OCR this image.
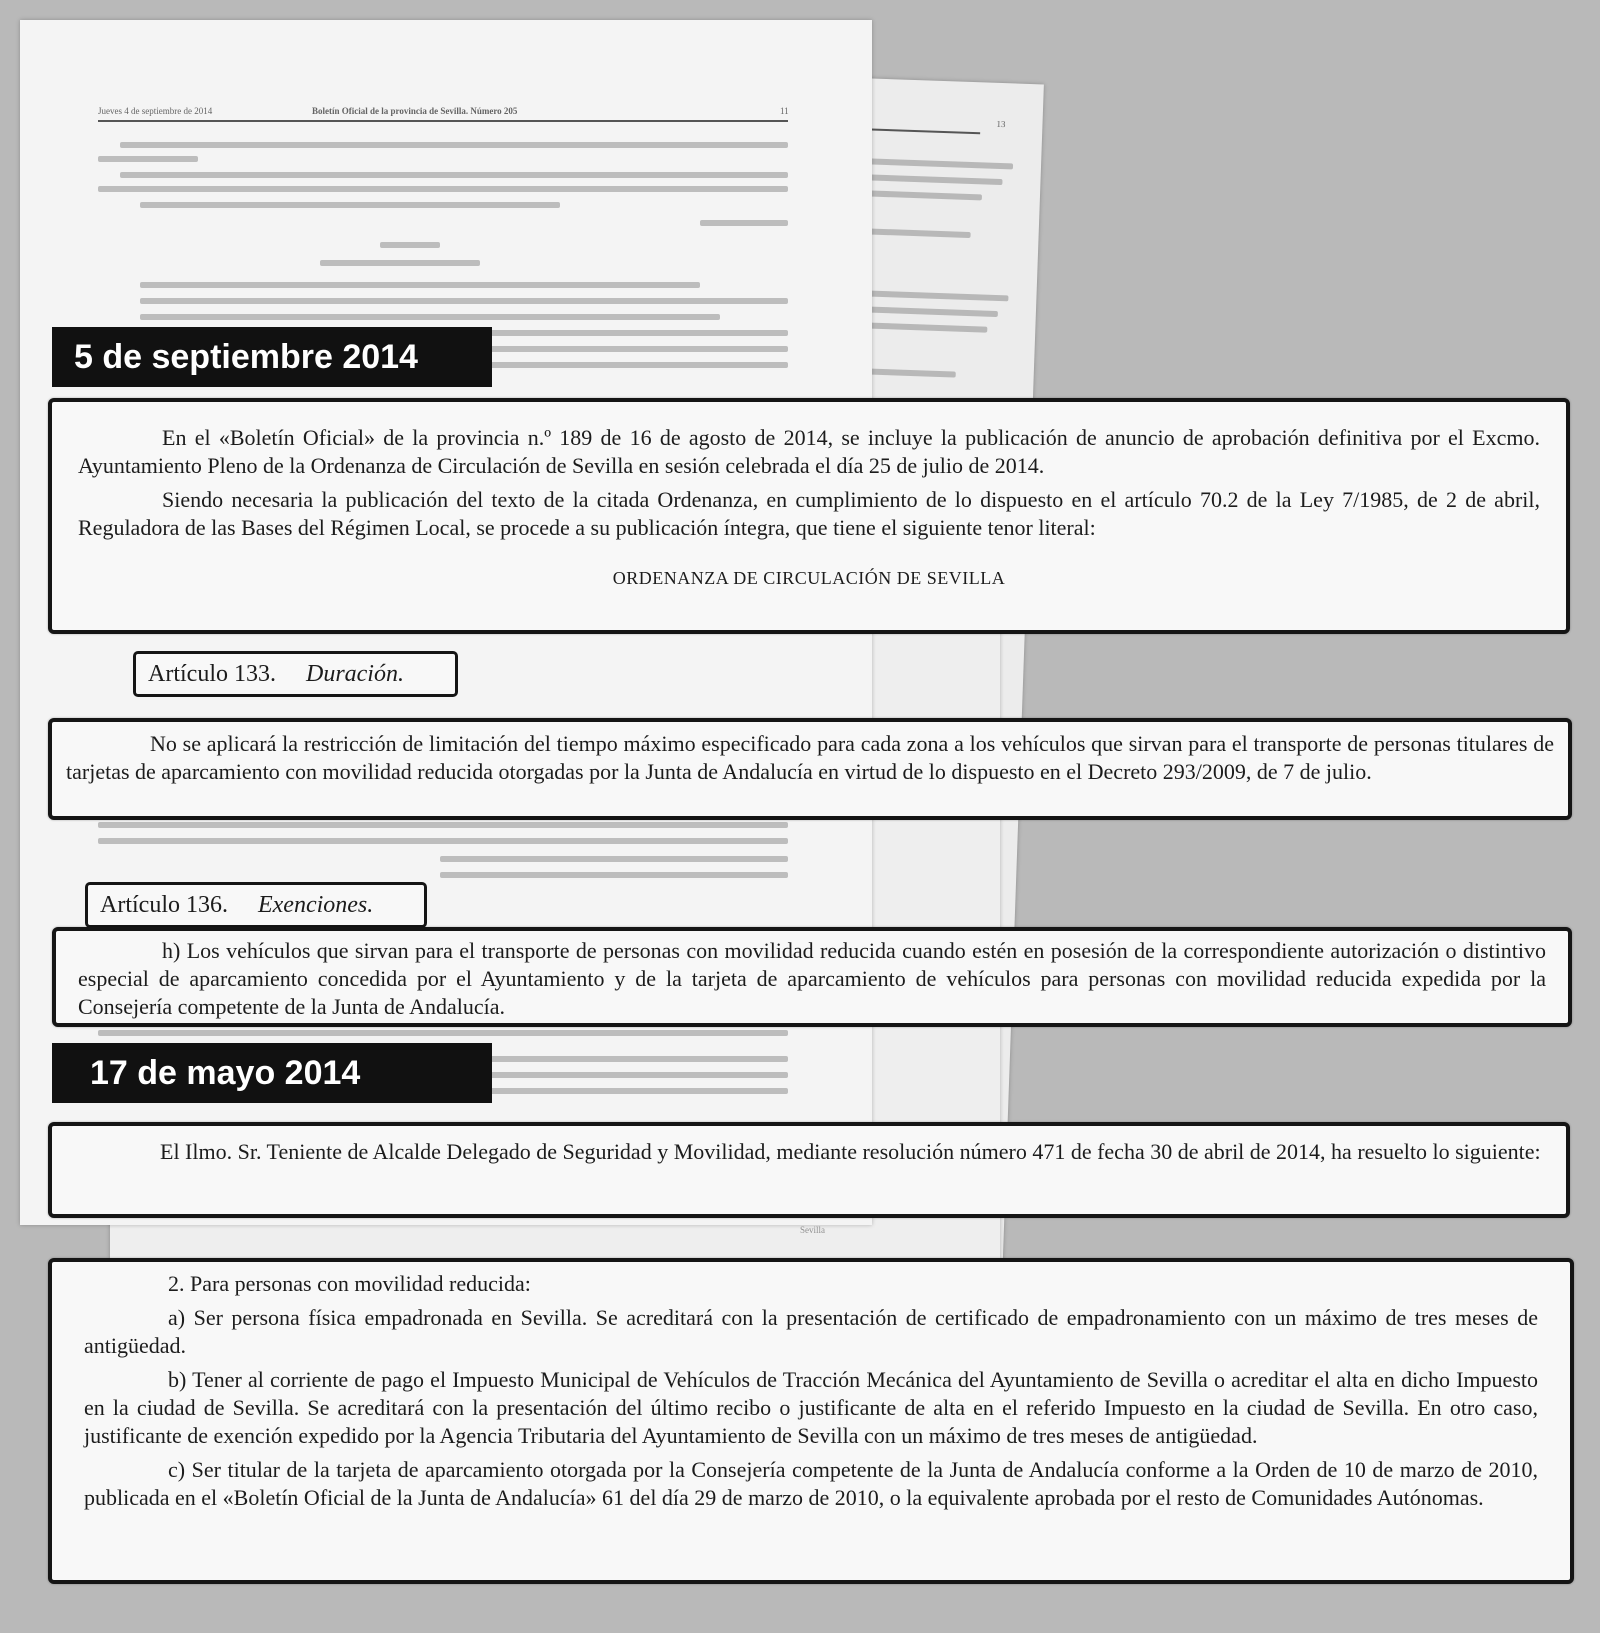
13
Jueves 4 de septiembre de 2014	Boletín Oficial de la provincia de Sevilla. Número 205	11
Sevilla
5 de septiembre 2014
17 de mayo 2014

En el «Boletín Oficial» de la provincia n.º 189 de 16 de agosto de 2014, se incluye la publicación de anuncio de aprobación definitiva por el Excmo. Ayuntamiento Pleno de la Ordenanza de Circulación de Sevilla en sesión celebrada el día 25 de julio de 2014.

Siendo necesaria la publicación del texto de la citada Ordenanza, en cumplimiento de lo dispuesto en el artículo 70.2 de la Ley 7/1985, de 2 de abril, Reguladora de las Bases del Régimen Local, se procede a su publicación íntegra, que tiene el siguiente tenor literal:

ORDENANZA DE CIRCULACIÓN DE SEVILLA

Artículo 133. Duración.

No se aplicará la restricción de limitación del tiempo máximo especificado para cada zona a los vehículos que sirvan para el transporte de personas titulares de tarjetas de aparcamiento con movilidad reducida otorgadas por la Junta de Andalucía en virtud de lo dispuesto en el Decreto 293/2009, de 7 de julio.

Artículo 136. Exenciones.

h) Los vehículos que sirvan para el transporte de personas con movilidad reducida cuando estén en posesión de la correspondiente autorización o distintivo especial de aparcamiento concedida por el Ayuntamiento y de la tarjeta de aparcamiento de vehículos para personas con movilidad reducida expedida por la Consejería competente de la Junta de Andalucía.

El Ilmo. Sr. Teniente de Alcalde Delegado de Seguridad y Movilidad, mediante resolución número 471 de fecha 30 de abril de 2014, ha resuelto lo siguiente:

2. Para personas con movilidad reducida:

a) Ser persona física empadronada en Sevilla. Se acreditará con la presentación de certificado de empadronamiento con un máximo de tres meses de antigüedad.

b) Tener al corriente de pago el Impuesto Municipal de Vehículos de Tracción Mecánica del Ayuntamiento de Sevilla o acreditar el alta en dicho Impuesto en la ciudad de Sevilla. Se acreditará con la presentación del último recibo o justificante de alta en el referido Impuesto en la ciudad de Sevilla. En otro caso, justificante de exención expedido por la Agencia Tributaria del Ayuntamiento de Sevilla con un máximo de tres meses de antigüedad.

c) Ser titular de la tarjeta de aparcamiento otorgada por la Consejería competente de la Junta de Andalucía conforme a la Orden de 10 de marzo de 2010, publicada en el «Boletín Oficial de la Junta de Andalucía» 61 del día 29 de marzo de 2010, o la equivalente aprobada por el resto de Comunidades Autónomas.
